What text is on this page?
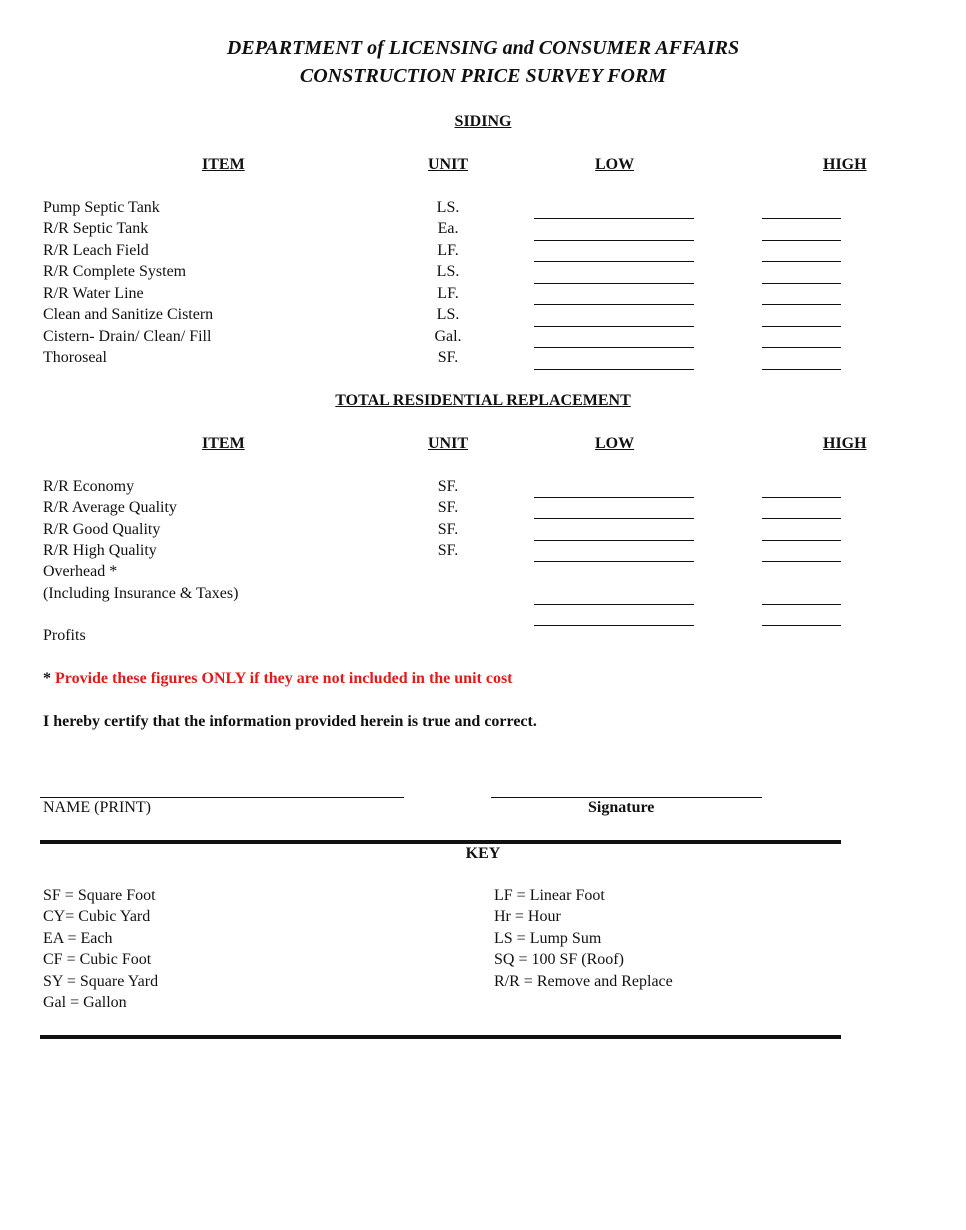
DEPARTMENT of LICENSING and CONSUMER AFFAIRS
CONSTRUCTION PRICE SURVEY FORM
SIDING
ITEM	UNIT	LOW	HIGH
Pump Septic Tank	LS.
R/R Septic Tank	Ea.
R/R Leach Field	LF.
R/R Complete System	LS.
R/R Water Line	LF.
Clean and Sanitize Cistern	LS.
Cistern- Drain/ Clean/ Fill	Gal.
Thoroseal	SF.
TOTAL RESIDENTIAL REPLACEMENT
ITEM	UNIT	LOW	HIGH
R/R Economy	SF.
R/R Average Quality	SF.
R/R Good Quality	SF.
R/R High Quality	SF.
Overhead *
(Including Insurance & Taxes)
Profits
* Provide these figures ONLY if they are not included in the unit cost
I hereby certify that the information provided herein is true and correct.
NAME (PRINT)	Signature
KEY
SF = Square Foot
CY= Cubic Yard
EA = Each
CF = Cubic Foot
SY = Square Yard
Gal = Gallon
LF = Linear Foot
Hr = Hour
LS = Lump Sum
SQ = 100 SF (Roof)
R/R = Remove and Replace
